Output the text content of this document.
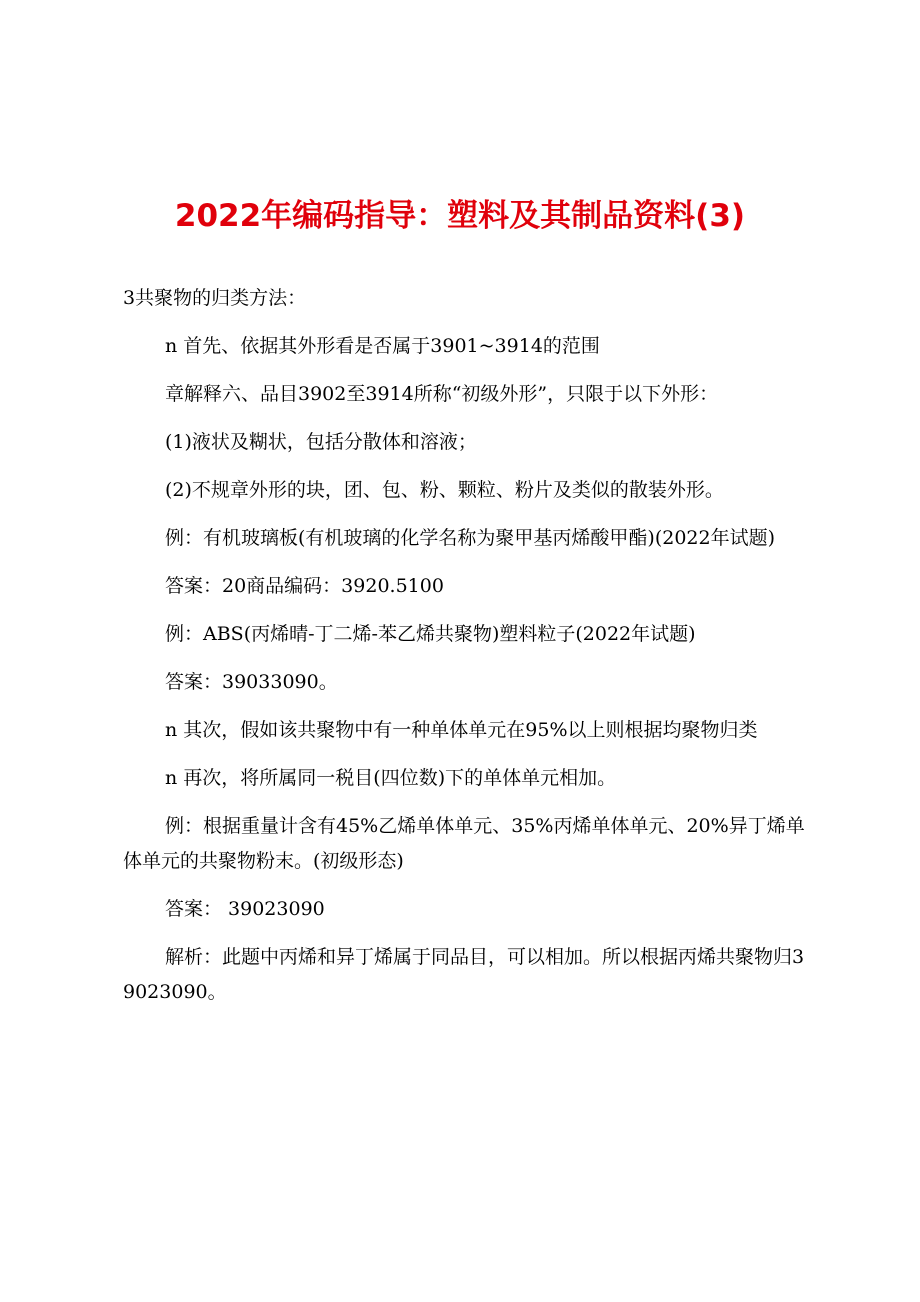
2022年编码指导：塑料及其制品资料(3)

3共聚物的归类方法：

n 首先、依据其外形看是否属于3901~3914的范围

章解释六、品目3902至3914所称“初级外形”，只限于以下外形：

(1)液状及糊状，包括分散体和溶液；

(2)不规章外形的块，团、包、粉、颗粒、粉片及类似的散装外形。

例：有机玻璃板(有机玻璃的化学名称为聚甲基丙烯酸甲酯)(2022年试题)

答案：20商品编码：3920.5100

例：ABS(丙烯晴-丁二烯-苯乙烯共聚物)塑料粒子(2022年试题)

答案：39033090。

n 其次，假如该共聚物中有一种单体单元在95%以上则根据均聚物归类

n 再次，将所属同一税目(四位数)下的单体单元相加。

例：根据重量计含有45%乙烯单体单元、35%丙烯单体单元、20%异丁烯单体单元的共聚物粉末。(初级形态)

答案： 39023090

解析：此题中丙烯和异丁烯属于同品目，可以相加。所以根据丙烯共聚物归39023090。
